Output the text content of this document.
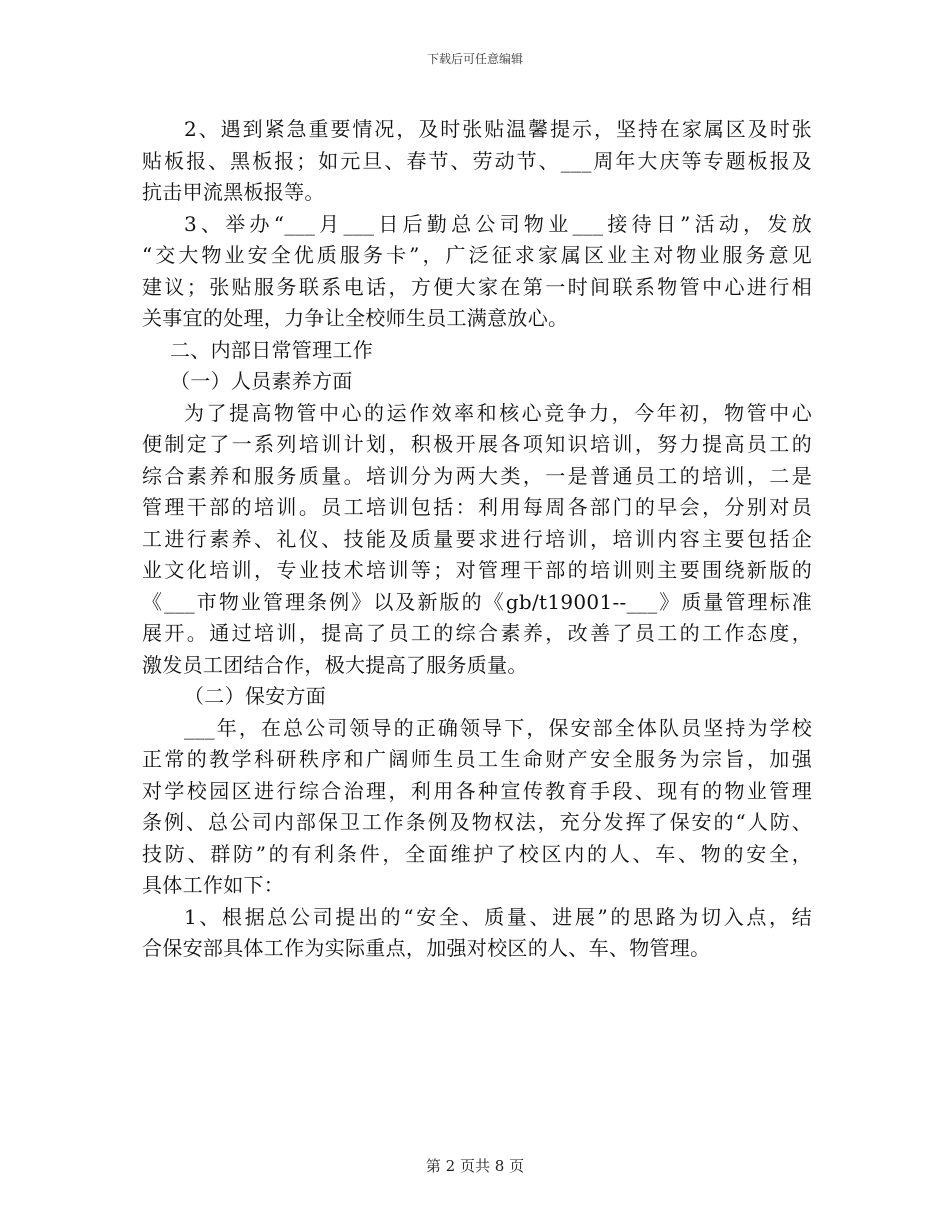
下载后可任意编辑
2、遇到紧急重要情况，及时张贴温馨提示，坚持在家属区及时张
贴板报、黑板报；如元旦、春节、劳动节、___周年大庆等专题板报及
抗击甲流黑板报等。
3、举办“___月___日后勤总公司物业___接待日”活动，发放
“交大物业安全优质服务卡”，广泛征求家属区业主对物业服务意见
建议；张贴服务联系电话，方便大家在第一时间联系物管中心进行相
关事宜的处理，力争让全校师生员工满意放心。
二、内部日常管理工作
（一）人员素养方面
为了提高物管中心的运作效率和核心竞争力，今年初，物管中心
便制定了一系列培训计划，积极开展各项知识培训，努力提高员工的
综合素养和服务质量。培训分为两大类，一是普通员工的培训，二是
管理干部的培训。员工培训包括：利用每周各部门的早会，分别对员
工进行素养、礼仪、技能及质量要求进行培训，培训内容主要包括企
业文化培训，专业技术培训等；对管理干部的培训则主要围绕新版的
《___市物业管理条例》以及新版的《gb/t19001--___》质量管理标准
展开。通过培训，提高了员工的综合素养，改善了员工的工作态度，
激发员工团结合作，极大提高了服务质量。
（二）保安方面
___年，在总公司领导的正确领导下，保安部全体队员坚持为学校
正常的教学科研秩序和广阔师生员工生命财产安全服务为宗旨，加强
对学校园区进行综合治理，利用各种宣传教育手段、现有的物业管理
条例、总公司内部保卫工作条例及物权法，充分发挥了保安的“人防、
技防、群防”的有利条件，全面维护了校区内的人、车、物的安全，
具体工作如下：
1、根据总公司提出的“安全、质量、进展”的思路为切入点，结
合保安部具体工作为实际重点，加强对校区的人、车、物管理。
第 2 页共 8 页
